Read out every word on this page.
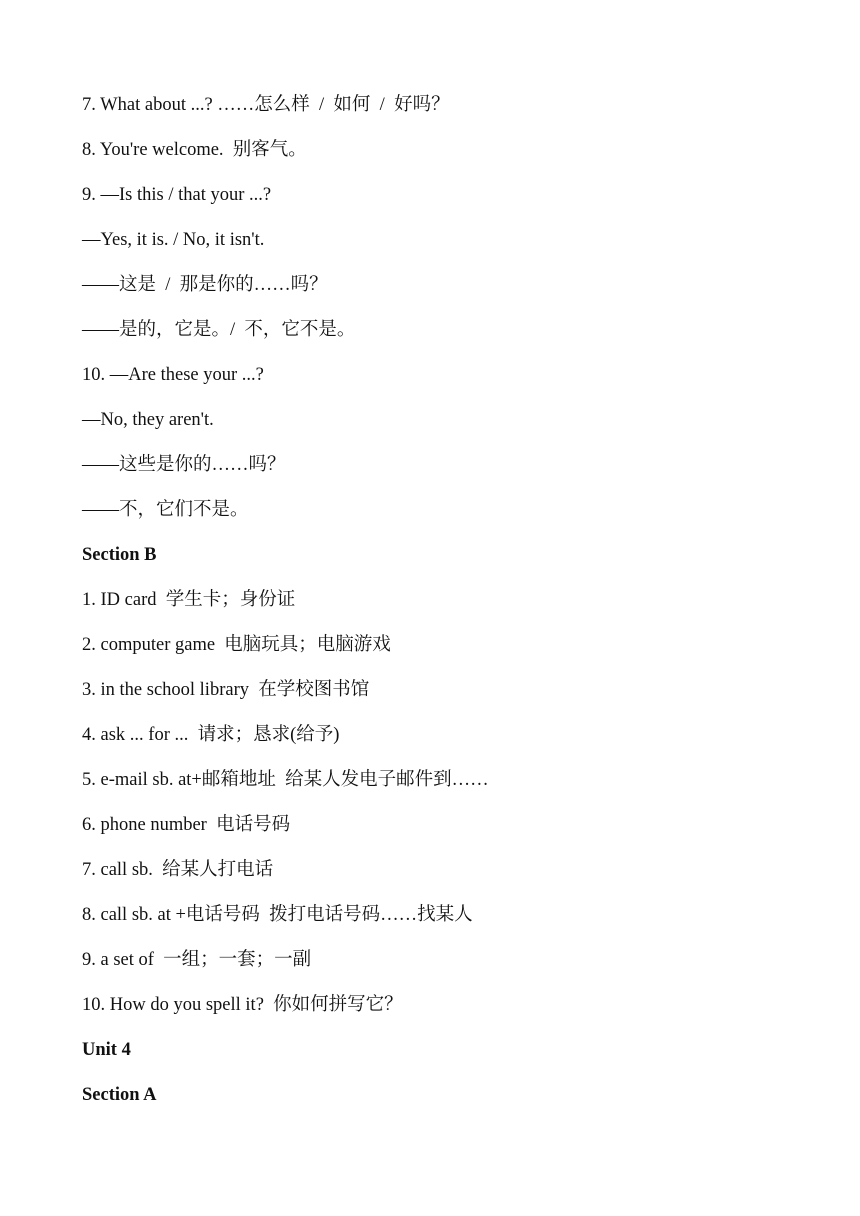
7. What about ...? ……怎么样  /  如何  /  好吗？
8. You're welcome.  别客气。
9. —Is this / that your ...?
—Yes, it is. / No, it isn't.
——这是  /  那是你的……吗？
——是的，它是。/  不，它不是。
10. —Are these your ...?
—No, they aren't.
——这些是你的……吗？
——不，它们不是。
Section B
1. ID card  学生卡；身份证
2. computer game  电脑玩具；电脑游戏
3. in the school library  在学校图书馆
4. ask ... for ...  请求；恳求(给予)
5. e-mail sb. at+邮箱地址  给某人发电子邮件到……
6. phone number  电话号码
7. call sb.  给某人打电话
8. call sb. at +电话号码  拨打电话号码……找某人
9. a set of  一组；一套；一副
10. How do you spell it?  你如何拼写它？
Unit 4
Section A
